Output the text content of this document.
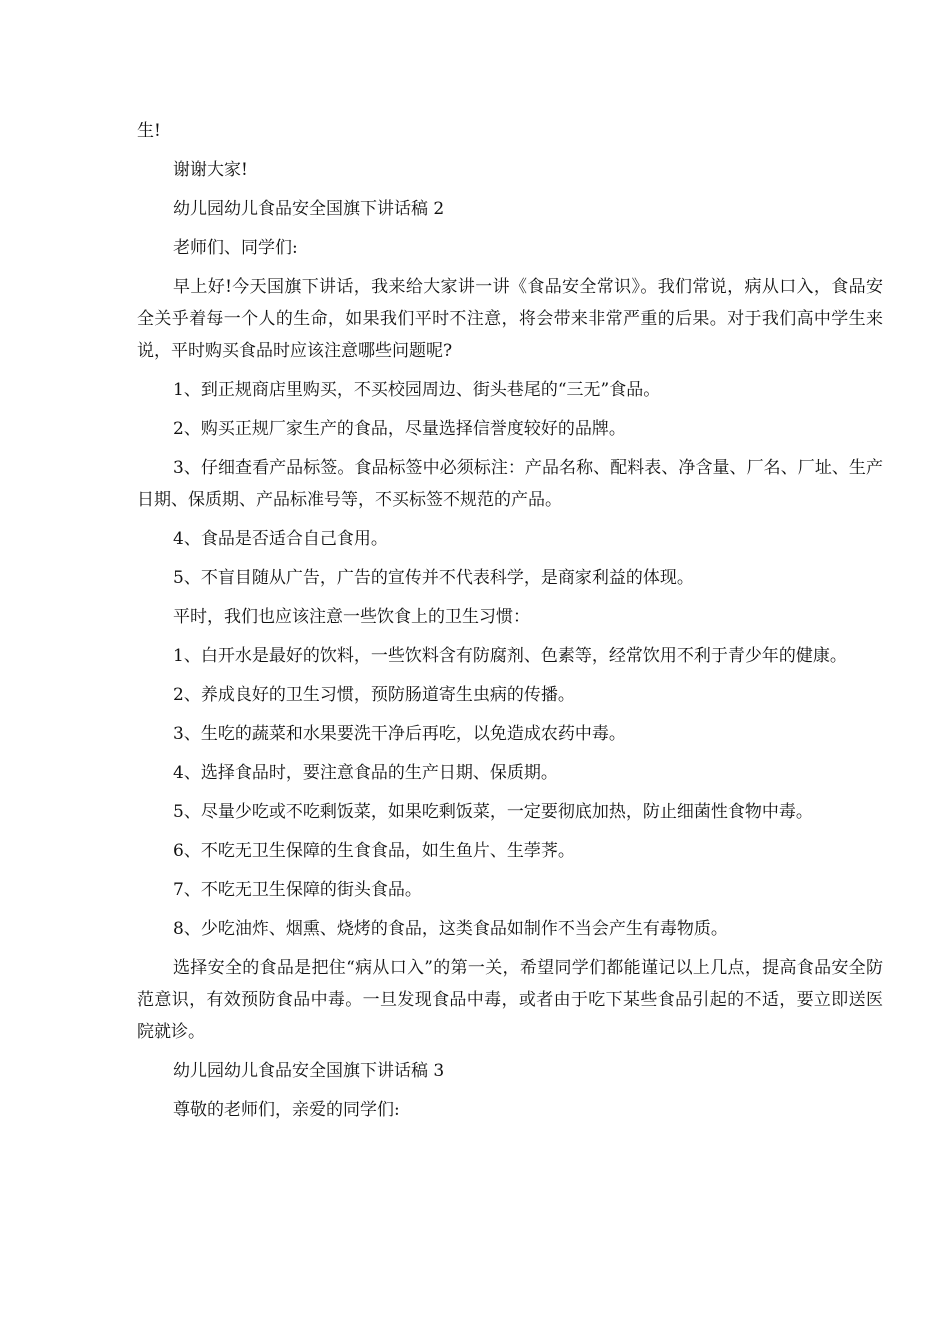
生!

谢谢大家!

幼儿园幼儿食品安全国旗下讲话稿 2

老师们、同学们:

早上好!今天国旗下讲话，我来给大家讲一讲《食品安全常识》。我们常说，病从口入，食品安全关乎着每一个人的生命，如果我们平时不注意，将会带来非常严重的后果。对于我们高中学生来说，平时购买食品时应该注意哪些问题呢?

1、到正规商店里购买，不买校园周边、街头巷尾的“三无”食品。

2、购买正规厂家生产的食品，尽量选择信誉度较好的品牌。

3、仔细查看产品标签。食品标签中必须标注：产品名称、配料表、净含量、厂名、厂址、生产日期、保质期、产品标准号等，不买标签不规范的产品。

4、食品是否适合自己食用。

5、不盲目随从广告，广告的宣传并不代表科学，是商家利益的体现。

平时，我们也应该注意一些饮食上的卫生习惯：

1、白开水是最好的饮料，一些饮料含有防腐剂、色素等，经常饮用不利于青少年的健康。

2、养成良好的卫生习惯，预防肠道寄生虫病的传播。

3、生吃的蔬菜和水果要洗干净后再吃，以免造成农药中毒。

4、选择食品时，要注意食品的生产日期、保质期。

5、尽量少吃或不吃剩饭菜，如果吃剩饭菜，一定要彻底加热，防止细菌性食物中毒。

6、不吃无卫生保障的生食食品，如生鱼片、生荸荠。

7、不吃无卫生保障的街头食品。

8、少吃油炸、烟熏、烧烤的食品，这类食品如制作不当会产生有毒物质。

选择安全的食品是把住“病从口入”的第一关，希望同学们都能谨记以上几点，提高食品安全防范意识，有效预防食品中毒。一旦发现食品中毒，或者由于吃下某些食品引起的不适，要立即送医院就诊。

幼儿园幼儿食品安全国旗下讲话稿 3

尊敬的老师们，亲爱的同学们:
